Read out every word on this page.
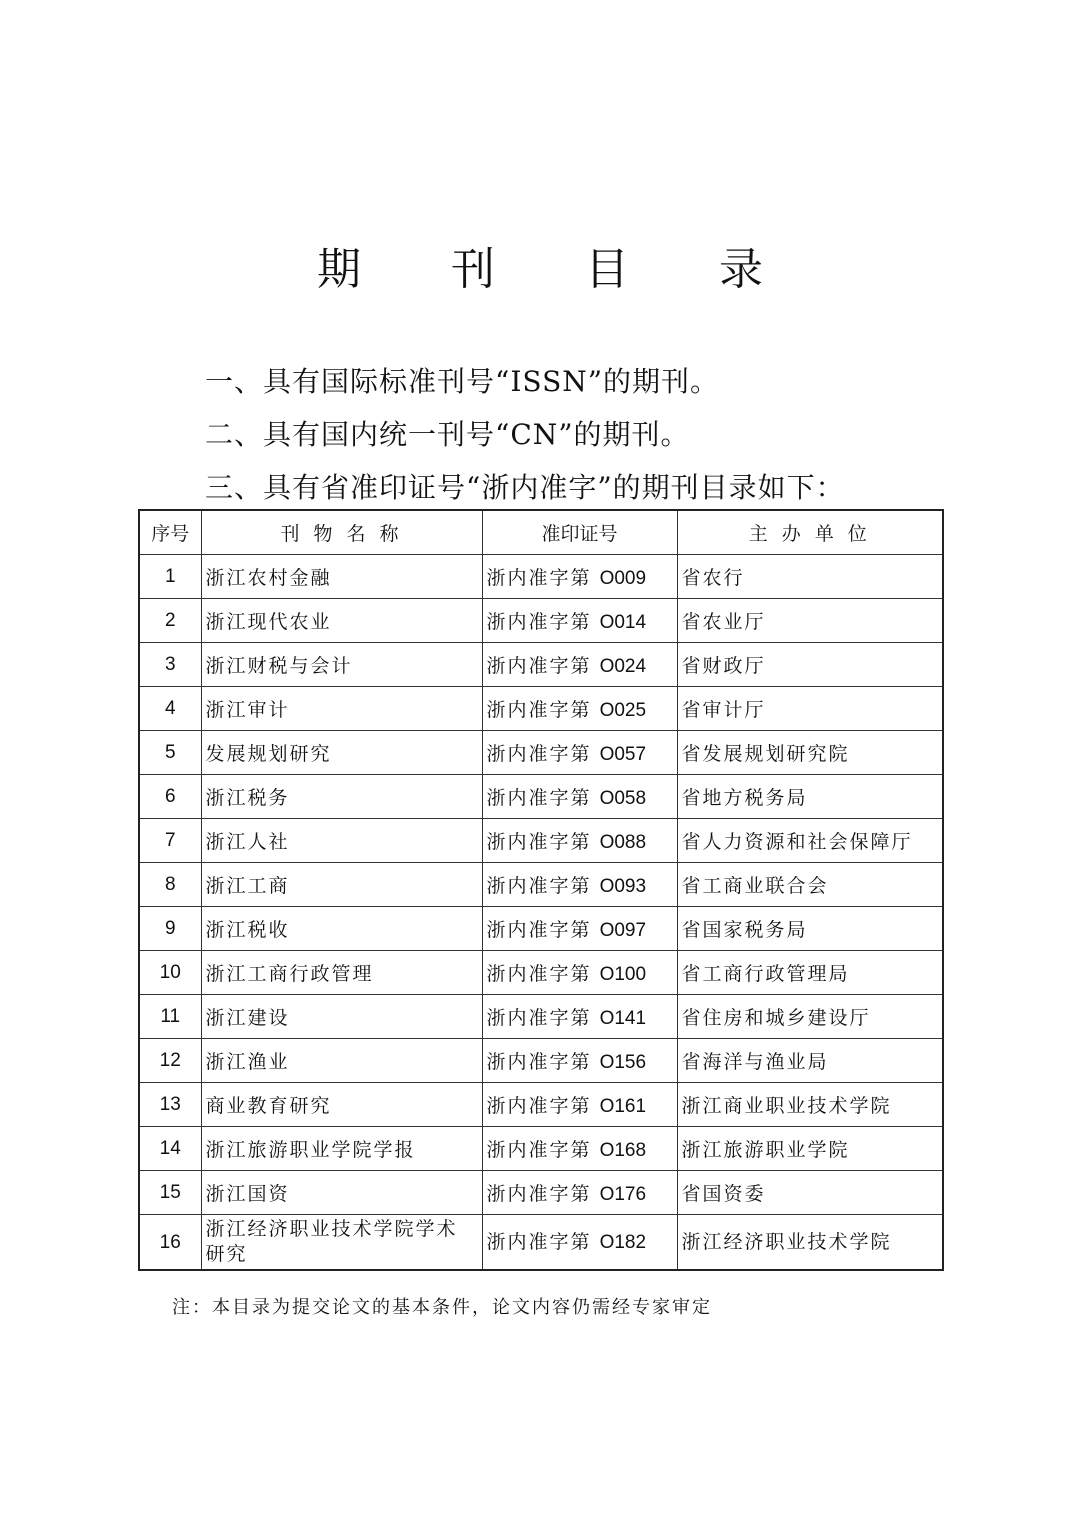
期 刊 目 录
一、具有国际标准刊号“ISSN”的期刊。
二、具有国内统一刊号“CN”的期刊。
三、具有省准印证号“浙内准字”的期刊目录如下：
序号	刊 物 名 称	准印证号	主 办 单 位
1	浙江农村金融	浙内准字第 O009	省农行
2	浙江现代农业	浙内准字第 O014	省农业厅
3	浙江财税与会计	浙内准字第 O024	省财政厅
4	浙江审计	浙内准字第 O025	省审计厅
5	发展规划研究	浙内准字第 O057	省发展规划研究院
6	浙江税务	浙内准字第 O058	省地方税务局
7	浙江人社	浙内准字第 O088	省人力资源和社会保障厅
8	浙江工商	浙内准字第 O093	省工商业联合会
9	浙江税收	浙内准字第 O097	省国家税务局
10	浙江工商行政管理	浙内准字第 O100	省工商行政管理局
11	浙江建设	浙内准字第 O141	省住房和城乡建设厅
12	浙江渔业	浙内准字第 O156	省海洋与渔业局
13	商业教育研究	浙内准字第 O161	浙江商业职业技术学院
14	浙江旅游职业学院学报	浙内准字第 O168	浙江旅游职业学院
15	浙江国资	浙内准字第 O176	省国资委
16	浙江经济职业技术学院学术研究	浙内准字第 O182	浙江经济职业技术学院
注：本目录为提交论文的基本条件，论文内容仍需经专家审定
